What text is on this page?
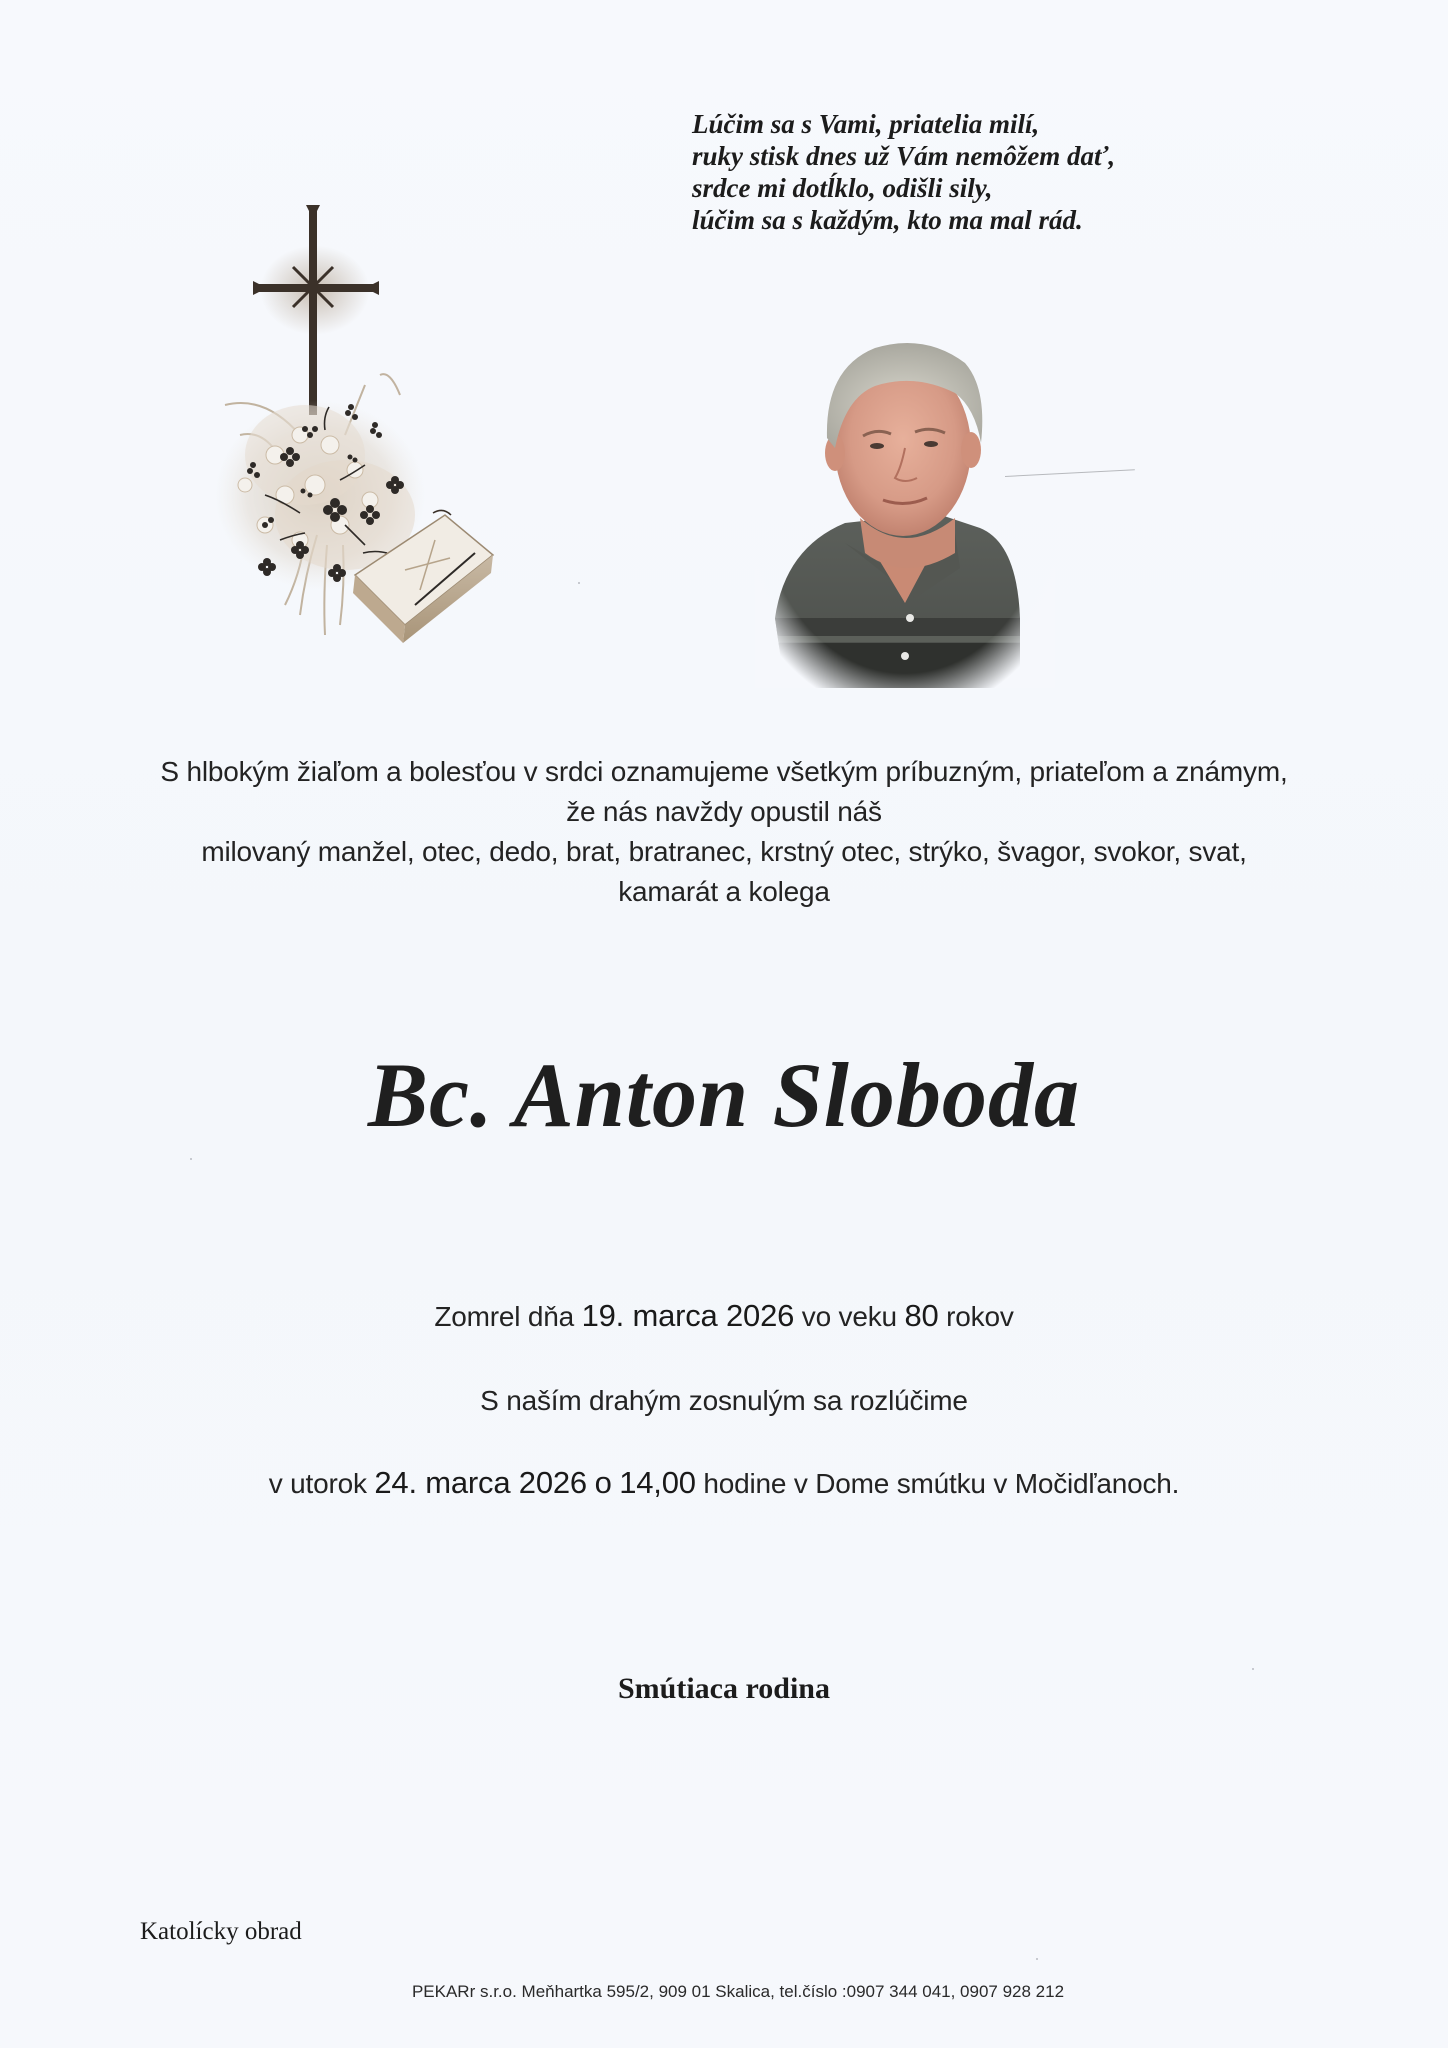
Lúčim sa s Vami, priatelia milí,
ruky stisk dnes už Vám nemôžem dať,
srdce mi dotĺklo, odišli sily,
lúčim sa s každým, kto ma mal rád.
S hlbokým žiaľom a bolesťou v srdci oznamujeme všetkým príbuzným, priateľom a známym,
že nás navždy opustil náš
milovaný manžel, otec, dedo, brat, bratranec, krstný otec, strýko, švagor, svokor, svat,
kamarát a kolega
Bc. Anton Sloboda
Zomrel dňa 19. marca 2026 vo veku 80 rokov
S naším drahým zosnulým sa rozlúčime
v utorok 24. marca 2026 o 14,00 hodine v Dome smútku v Močidľanoch.
Smútiaca rodina
Katolícky obrad
PEKARr s.r.o. Meňhartka 595/2, 909 01 Skalica, tel.číslo :0907 344 041, 0907 928 212
